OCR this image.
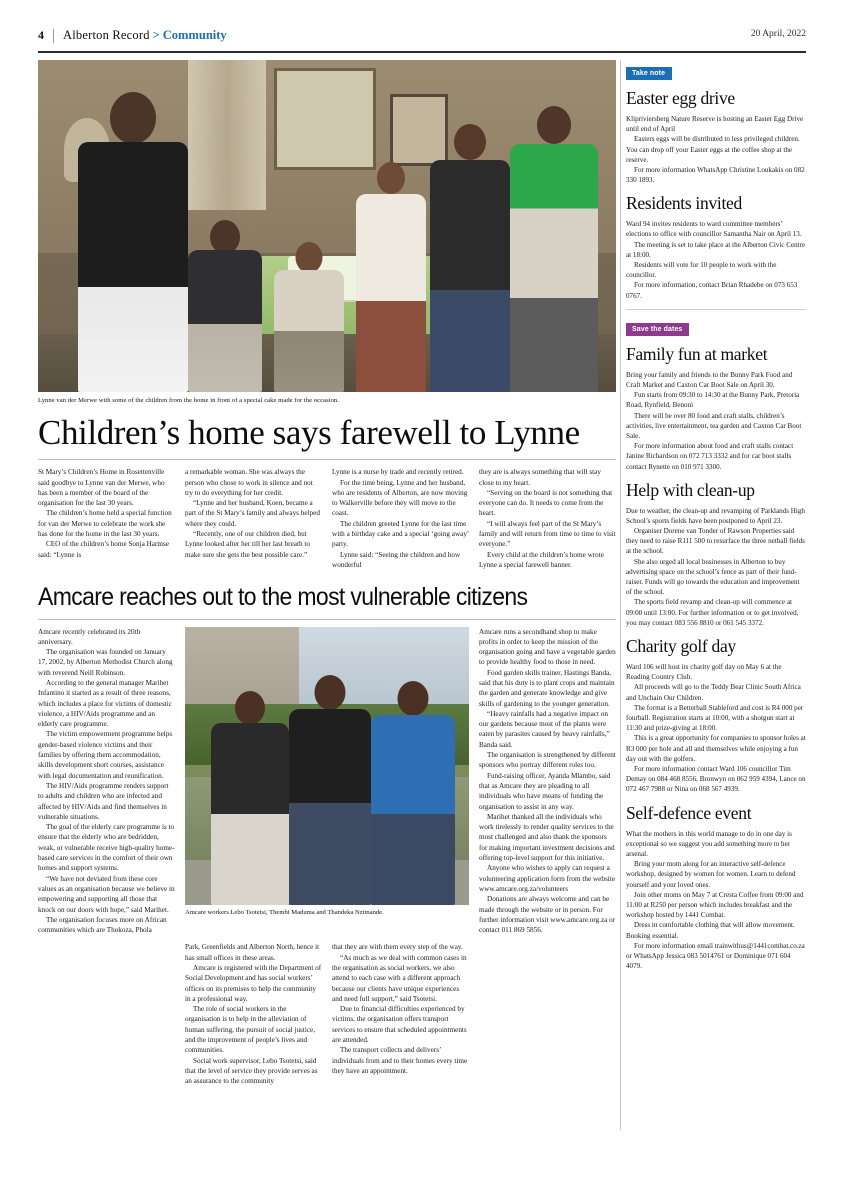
4	Alberton Record > Community	20 April, 2022
Lynne van der Merwe with some of the children from the home in front of a special cake made for the occasion.
Children’s home says farewell to Lynne

St Mary’s Children’s Home in Rosettenville said goodbye to Lynne van der Merwe, who has been a member of the board of the organisation for the last 30 years.

The children’s home held a special function for van der Merwe to celebrate the work she has done for the home in the last 30 years.

CEO of the children’s home Sonja Harmse said: “Lynne is

a remarkable woman. She was always the person who chose to work in silence and not try to do everything for her credit.

“Lynne and her husband, Koen, became a part of the St Mary’s family and always helped where they could.

“Recently, one of our children died, but Lynne looked after her till her last breath to make sure she gets the best possible care.”

Lynne is a nurse by trade and recently retired.

For the time being, Lynne and her husband, who are residents of Alberton, are now moving to Walkerville before they will move to the coast.

The children greeted Lynne for the last time with a birthday cake and a special ‘going away’ party.

Lynne said: “Seeing the children and how wonderful

they are is always something that will stay close to my heart.

“Serving on the board is not something that everyone can do. It needs to come from the heart.

“I will always feel part of the St Mary’s family and will return from time to time to visit everyone.”

Every child at the children’s home wrote Lynne a special farewell banner.

Amcare reaches out to the most vulnerable citizens

Amcare recently celebrated its 20th anniversary.

The organisation was founded on January 17, 2002, by Alberton Methodist Church along with reverend Neill Robinson.

According to the general manager Marihet Infantino it started as a result of three reasons, which includes a place for victims of domestic violence, a HIV/Aids programme and an elderly care programme.

The victim empowerment programme helps gender-based violence victims and their families by offering them accommodation, skills development short courses, assistance with legal documentation and reunification.

The HIV/Aids programme renders support to adults and children who are infected and affected by HIV/Aids and find themselves in vulnerable situations.

The goal of the elderly care programme is to ensure that the elderly who are bedridden, weak, or vulnerable receive high-quality home-based care services in the comfort of their own homes and support systems.

“We have not deviated from these core values as an organisation because we believe in empowering and supporting all those that knock on our doors with hope,” said Marihet.

The organisation focuses more on African communities which are Thokoza, Phola

Amcare workers Lebo Tsotetsi, Thembi Maduma and Thandeka Nzimande.

Amcare runs a secondhand shop to make profits in order to keep the mission of the organisation going and have a vegetable garden to provide healthy food to those in need.

Food garden skills trainer, Hastings Banda, said that his duty is to plant crops and maintain the garden and generate knowledge and give skills of gardening to the younger generation.

“Heavy rainfalls had a negative impact on our gardens because most of the plants were eaten by parasites caused by heavy rainfalls,” Banda said.

The organisation is strengthened by different sponsors who portray different roles too.

Fund-raising officer, Ayanda Mlambo, said that as Amcare they are pleading to all individuals who have means of funding the organisation to assist in any way.

Marihet thanked all the individuals who work tirelessly to render quality services to the most challenged and also thank the sponsors for making important investment decisions and offering top-level support for this initiative.

Anyone who wishes to apply can request a volunteering application form from the website www.amcare.org.za/volunteers

Donations are always welcome and can be made through the website or in person. For further information visit www.amcare.org.za or contact 011 869 5856.

Park, Greenfields and Alberton North, hence it has small offices in these areas.

Amcare is registered with the Department of Social Development and has social workers’ offices on its premises to help the community in a professional way.

The role of social workers in the organisation is to help in the alleviation of human suffering, the pursuit of social justice, and the improvement of people’s lives and communities.

Social work supervisor, Lebo Tsotetsi, said that the level of service they provide serves as an assurance to the community

that they are with them every step of the way.

“As much as we deal with common cases in the organisation as social workers, we also attend to each case with a different approach because our clients have unique experiences and need full support,” said Tsotetsi.

Due to financial difficulties experienced by victims, the organisation offers transport services to ensure that scheduled appointments are attended.

The transport collects and delivers’ individuals from and to their homes every time they have an appointment.

Take note
Easter egg drive

Klipriviersberg Nature Reserve is hosting an Easter Egg Drive until end of April

Easters eggs will be distributed to less privileged children. You can drop off your Easter eggs at the coffee shop at the reserve.

For more information WhatsApp Christine Loukakis on 082 330 1893.

Residents invited

Ward 94 invites residents to ward committee members’ elections to office with councillor Samantha Nair on April 13.

The meeting is set to take place at the Alberton Civic Centre at 18:00.

Residents will vote for 10 people to work with the councillor.

For more information, contact Brian Rhadebe on 073 653 0767.

Save the dates
Family fun at market

Bring your family and friends to the Bunny Park Food and Craft Market and Caxton Car Boot Sale on April 30.

Fun starts from 09:30 to 14:30 at the Bunny Park, Pretoria Road, Rynfield, Benoni

There will be over 80 food and craft stalls, children’s activities, live entertainment, tea garden and Caxton Car Boot Sale.

For more information about food and craft stalls contact Janine Richardson on 072 713 3332 and for car boot stalls contact Rynette on 010 971 3300.

Help with clean-up

Due to weather, the clean-up and revamping of Parklands High School’s sports fields have been postponed to April 23.

Organiser Dorene van Tonder of Rawson Properties said they need to raise R111 500 to resurface the three netball fields at the school.

She also urged all local businesses in Alberton to buy advertising space on the school’s fence as part of their fund-raiser. Funds will go towards the education and improvement of the school.

The sports field revamp and clean-up will commence at 09:00 until 13:00. For further information or to get involved, you may contact 083 556 8810 or 061 545 3372.

Charity golf day

Ward 106 will host its charity golf day on May 6 at the Reading Country Club.

All proceeds will go to the Teddy Bear Clinic South Africa and Unchain Our Children.

The format is a Betterball Stableford and cost is R4 000 per fourball. Registration starts at 10:00, with a shotgun start at 11:30 and prize-giving at 18:00.

This is a great opportunity for companies to sponsor holes at R3 000 per hole and all and themselves while enjoying a fun day out with the golfers.

For more information contact Ward 106 councillor Tim Demay on 084 468 8556, Bronwyn on 062 959 4394, Lance on 072 467 7988 or Nina on 068 567 4939.

Self-defence event

What the mothers in this world manage to do in one day is exceptional so we suggest you add something more to her arsenal.

Bring your mom along for an interactive self-defence workshop, designed by women for women. Learn to defend yourself and your loved ones.

Join other moms on May 7 at Cresta Coffee from 09:00 and 11:00 at R250 per person which includes breakfast and the workshop hosted by 1441 Combat.

Dress in comfortable clothing that will allow movement. Booking essential.

For more information email trainwithus@1441combat.co.za or WhatsApp Jessica 083 5014761 or Dominique 071 604 4079.
